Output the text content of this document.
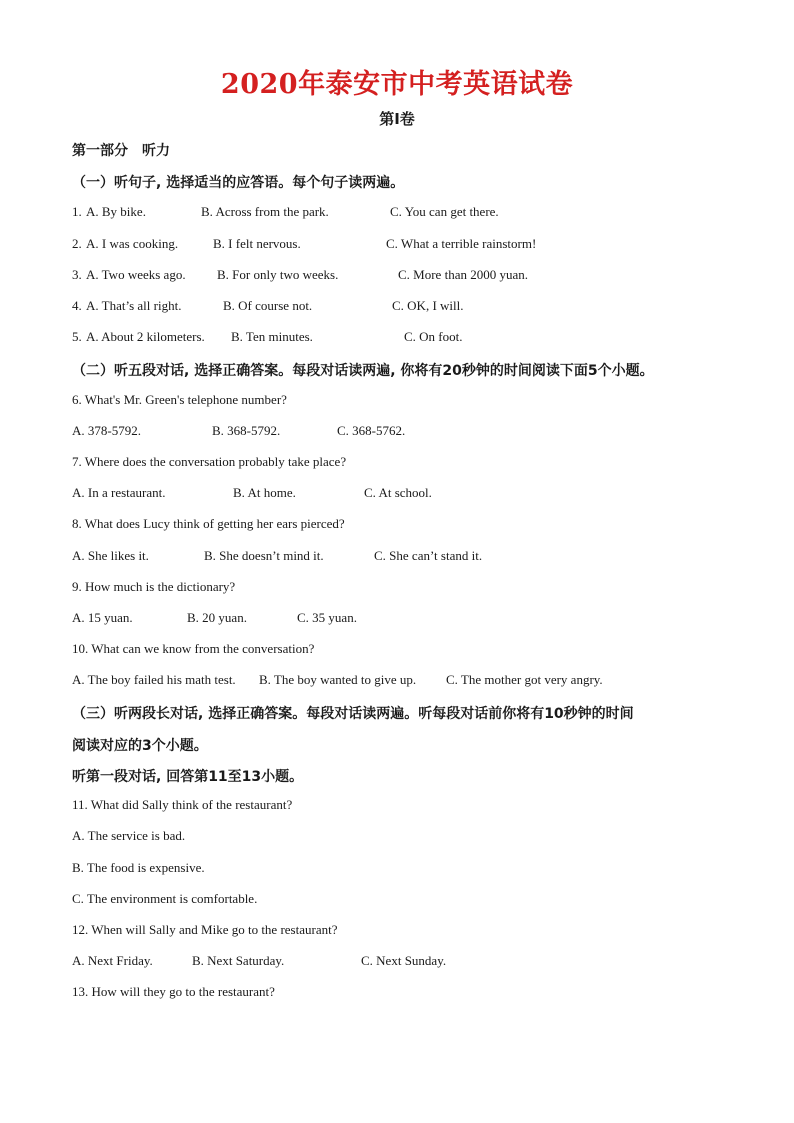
2020年泰安市中考英语试卷
第I卷
第一部分　听力
（一）听句子, 选择适当的应答语。每个句子读两遍。
1. A. By bike.	B. Across from the park.	C. You can get there.
2. A. I was cooking.	B. I felt nervous.	C. What a terrible rainstorm!
3. A. Two weeks ago. B. For only two weeks.	C. More than 2000 yuan.
4. A. That’s all right.	B. Of course not.	C. OK, I will.
5. A. About 2 kilometers. B. Ten minutes.	C. On foot.
（二）听五段对话, 选择正确答案。每段对话读两遍, 你将有20秒钟的时间阅读下面5个小题。
6. What's Mr. Green's telephone number?
A. 378-5792.	B. 368-5792.	C. 368-5762.
7. Where does the conversation probably take place?
A. In a restaurant.	B. At home.	C. At school.
8. What does Lucy think of getting her ears pierced?
A. She likes it.	B. She doesn’t mind it.	C. She can’t stand it.
9. How much is the dictionary?
A. 15 yuan.	B. 20 yuan.	C. 35 yuan.
10. What can we know from the conversation?
A. The boy failed his math test. B. The boy wanted to give up. C. The mother got very angry.
（三）听两段长对话, 选择正确答案。每段对话读两遍。听每段对话前你将有10秒钟的时间
阅读对应的3个小题。
听第一段对话, 回答第11至13小题。
11. What did Sally think of the restaurant?
A. The service is bad.
B. The food is expensive.
C. The environment is comfortable.
12. When will Sally and Mike go to the restaurant?
A. Next Friday.	B. Next Saturday.	C. Next Sunday.
13. How will they go to the restaurant?
